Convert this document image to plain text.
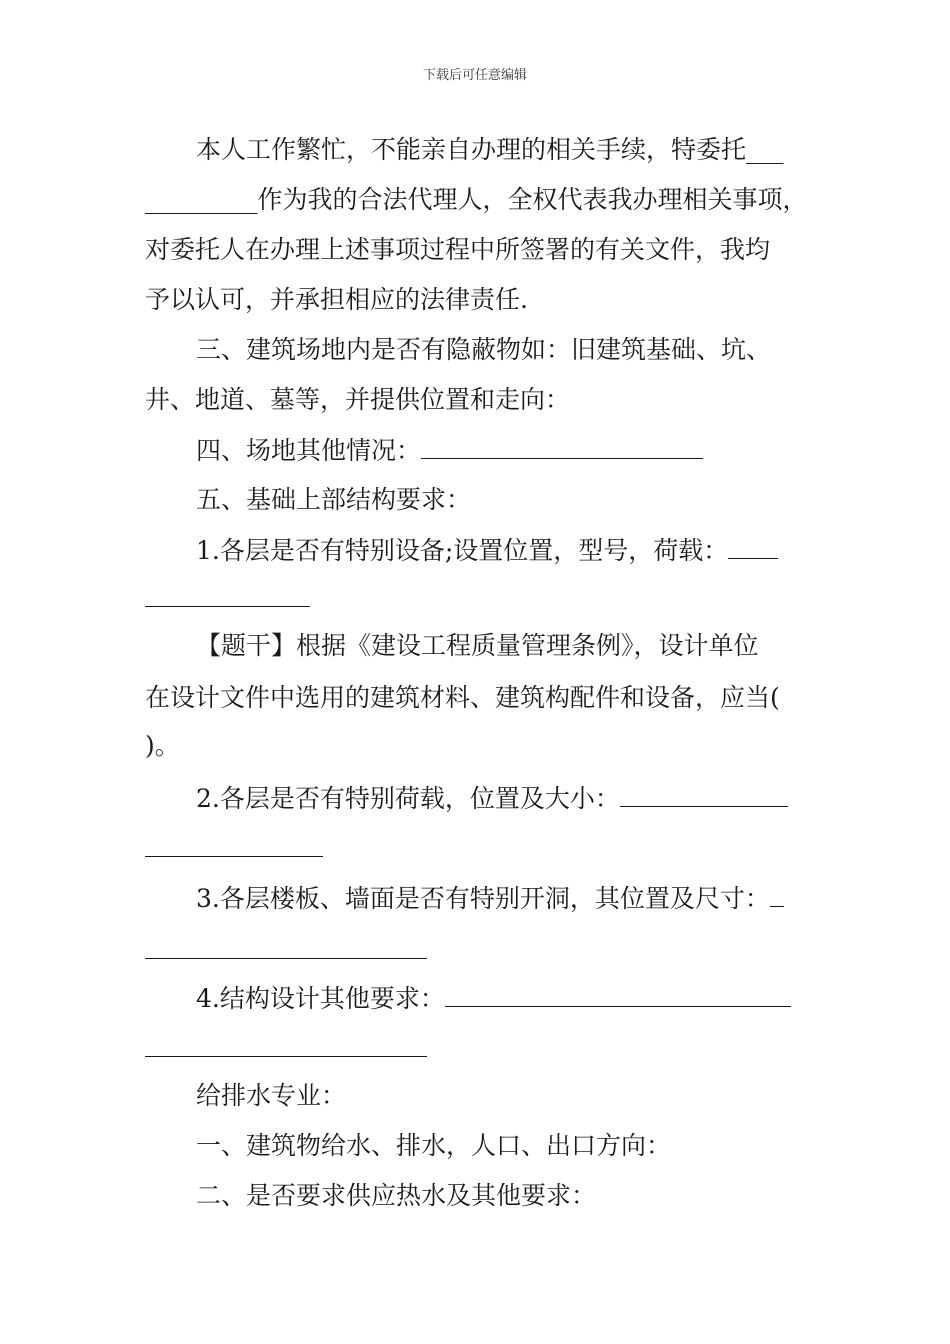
下载后可任意编辑

本人工作繁忙，不能亲自办理的相关手续，特委托___

_________作为我的合法代理人，全权代表我办理相关事项，

对委托人在办理上述事项过程中所签署的有关文件，我均

予以认可，并承担相应的法律责任.

三、建筑场地内是否有隐蔽物如：旧建筑基础、坑、

井、地道、墓等，并提供位置和走向：

四、场地其他情况：

五、基础上部结构要求：

1.各层是否有特别设备;设置位置，型号，荷载：

【题干】根据《建设工程质量管理条例》，设计单位

在设计文件中选用的建筑材料、建筑构配件和设备，应当(

)。

2.各层是否有特别荷载，位置及大小：

3.各层楼板、墙面是否有特别开洞，其位置及尺寸：

4.结构设计其他要求：

给排水专业：

一、建筑物给水、排水，人口、出口方向：

二、是否要求供应热水及其他要求：
